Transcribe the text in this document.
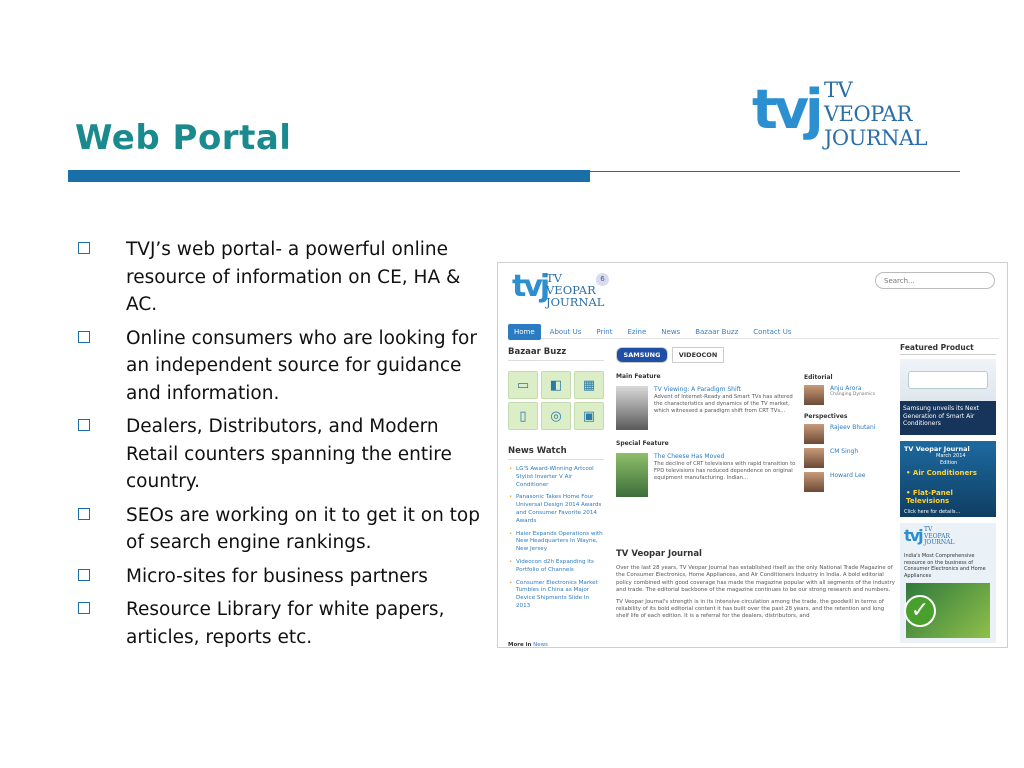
Web Portal	tvj TV
VEOPAR
JOURNAL
TVJ’s web portal- a powerful online resource of information on CE, HA & AC.
Online consumers who are looking for an independent source for guidance and information.
Dealers, Distributors, and Modern Retail counters spanning the entire country.
SEOs are working on it to get it on top of search engine rankings.
Micro-sites for business partners
Resource Library for white papers, articles, reports etc.
tvj
TV
VEOPAR
JOURNAL
6	Search...
Home About Us Print Ezine News Bazaar Buzz Contact Us
Bazaar Buzz
▭	◧	▦
▯	◎	▣
News Watch
• LG'S Award-Winning Artcool Stylist Inverter V Air Conditioner
• Panasonic Takes Home Four Universal Design 2014 Awards and Consumer Favorite 2014 Awards
• Haier Expands Operations with New Headquarters In Wayne, New Jersey
• Videocon d2h Expanding its Portfolio of Channels
• Consumer Electronics Market Tumbles in China as Major Device Shipments Slide In 2013
More in News
SAMSUNG	VIDEOCON
Main Feature
TV Viewing: A Paradigm Shift
Advent of Internet-Ready and Smart TVs has altered the characteristics and dynamics of the TV market, which witnessed a paradigm shift from CRT TVs...
Special Feature
The Cheese Has Moved
The decline of CRT televisions with rapid transition to FPD televisions has reduced dependence on original equipment manufacturing. Indian...
Editorial
Anju Arora
Changing Dynamics
Perspectives
Rajeev Bhutani
CM Singh
Howard Lee
TV Veopar Journal

Over the last 28 years, TV Veopar Journal has established itself as the only National Trade Magazine of the Consumer Electronics, Home Appliances, and Air Conditioners Industry in India. A bold editorial policy combined with good coverage has made the magazine popular with all segments of the industry and trade. The editorial backbone of the magazine continues to be our strong research and numbers.

TV Veopar Journal's strength is in its intensive circulation among the trade, the goodwill in terms of reliability of its bold editorial content it has built over the past 28 years, and the retention and long shelf life of each edition. It is a referral for the dealers, distributors, and

Featured Product
Samsung unveils its Next Generation of Smart Air Conditioners
TV Veopar Journal
March 2014
Edition
• Air Conditioners
• Flat-Panel Televisions
Click here for details...
tvj TV
VEOPAR
JOURNAL
India's Most Comprehensive resource on the business of Consumer Electronics and Home Appliances
✓
